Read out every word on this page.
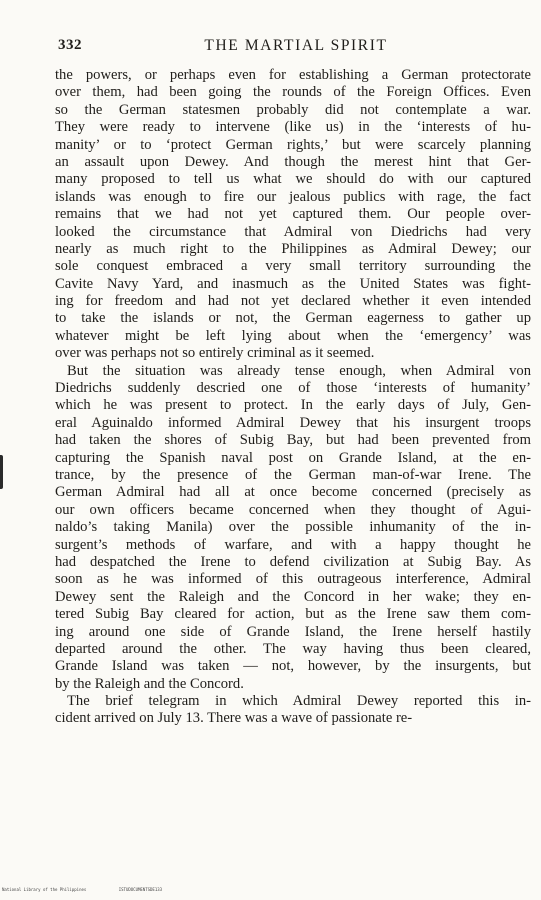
332	THE MARTIAL SPIRIT
the powers, or perhaps even for establishing a German protectorate
over them, had been going the rounds of the Foreign Offices. Even
so the German statesmen probably did not contemplate a war.
They were ready to intervene (like us) in the ‘interests of hu-
manity’ or to ‘protect German rights,’ but were scarcely planning
an assault upon Dewey. And though the merest hint that Ger-
many proposed to tell us what we should do with our captured
islands was enough to fire our jealous publics with rage, the fact
remains that we had not yet captured them. Our people over-
looked the circumstance that Admiral von Diedrichs had very
nearly as much right to the Philippines as Admiral Dewey; our
sole conquest embraced a very small territory surrounding the
Cavite Navy Yard, and inasmuch as the United States was fight-
ing for freedom and had not yet declared whether it even intended
to take the islands or not, the German eagerness to gather up
whatever might be left lying about when the ‘emergency’ was
over was perhaps not so entirely criminal as it seemed.
But the situation was already tense enough, when Admiral von
Diedrichs suddenly descried one of those ‘interests of humanity’
which he was present to protect. In the early days of July, Gen-
eral Aguinaldo informed Admiral Dewey that his insurgent troops
had taken the shores of Subig Bay, but had been prevented from
capturing the Spanish naval post on Grande Island, at the en-
trance, by the presence of the German man-of-war Irene. The
German Admiral had all at once become concerned (precisely as
our own officers became concerned when they thought of Agui-
naldo’s taking Manila) over the possible inhumanity of the in-
surgent’s methods of warfare, and with a happy thought he
had despatched the Irene to defend civilization at Subig Bay. As
soon as he was informed of this outrageous interference, Admiral
Dewey sent the Raleigh and the Concord in her wake; they en-
tered Subig Bay cleared for action, but as the Irene saw them com-
ing around one side of Grande Island, the Irene herself hastily
departed around the other. The way having thus been cleared,
Grande Island was taken — not, however, by the insurgents, but
by the Raleigh and the Concord.
The brief telegram in which Admiral Dewey reported this in-
cident arrived on July 13. There was a wave of passionate re-
National Library of the Philippines	ISTUDOCUMENTSDE133
